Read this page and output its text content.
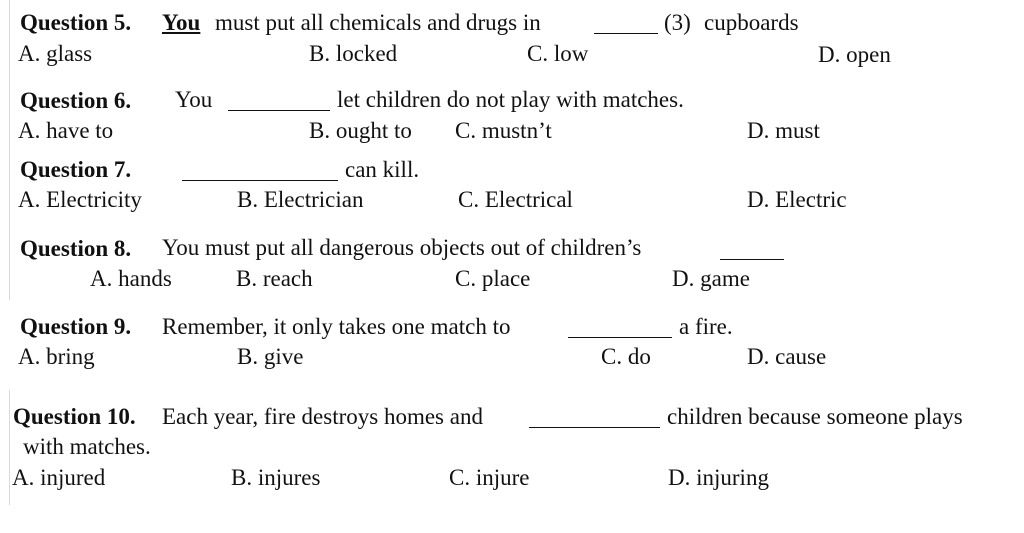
Question 5. You must put all chemicals and drugs in	(3) cupboards
A. glass	B. locked	C. low	D. open
Question 6. You	let children do not play with matches.
A. have to	B. ought to C. mustn’t	D. must
Question 7.	can kill.
A. Electricity	B. Electrician	C. Electrical	D. Electric
Question 8. You must put all dangerous objects out of children’s
A. hands	B. reach	C. place	D. game
Question 9. Remember, it only takes one match to	a fire.
A. bring	B. give	C. do	D. cause
Question 10. Each year, fire destroys homes and	children because someone plays
with matches.
A. injured	B. injures	C. injure	D. injuring
